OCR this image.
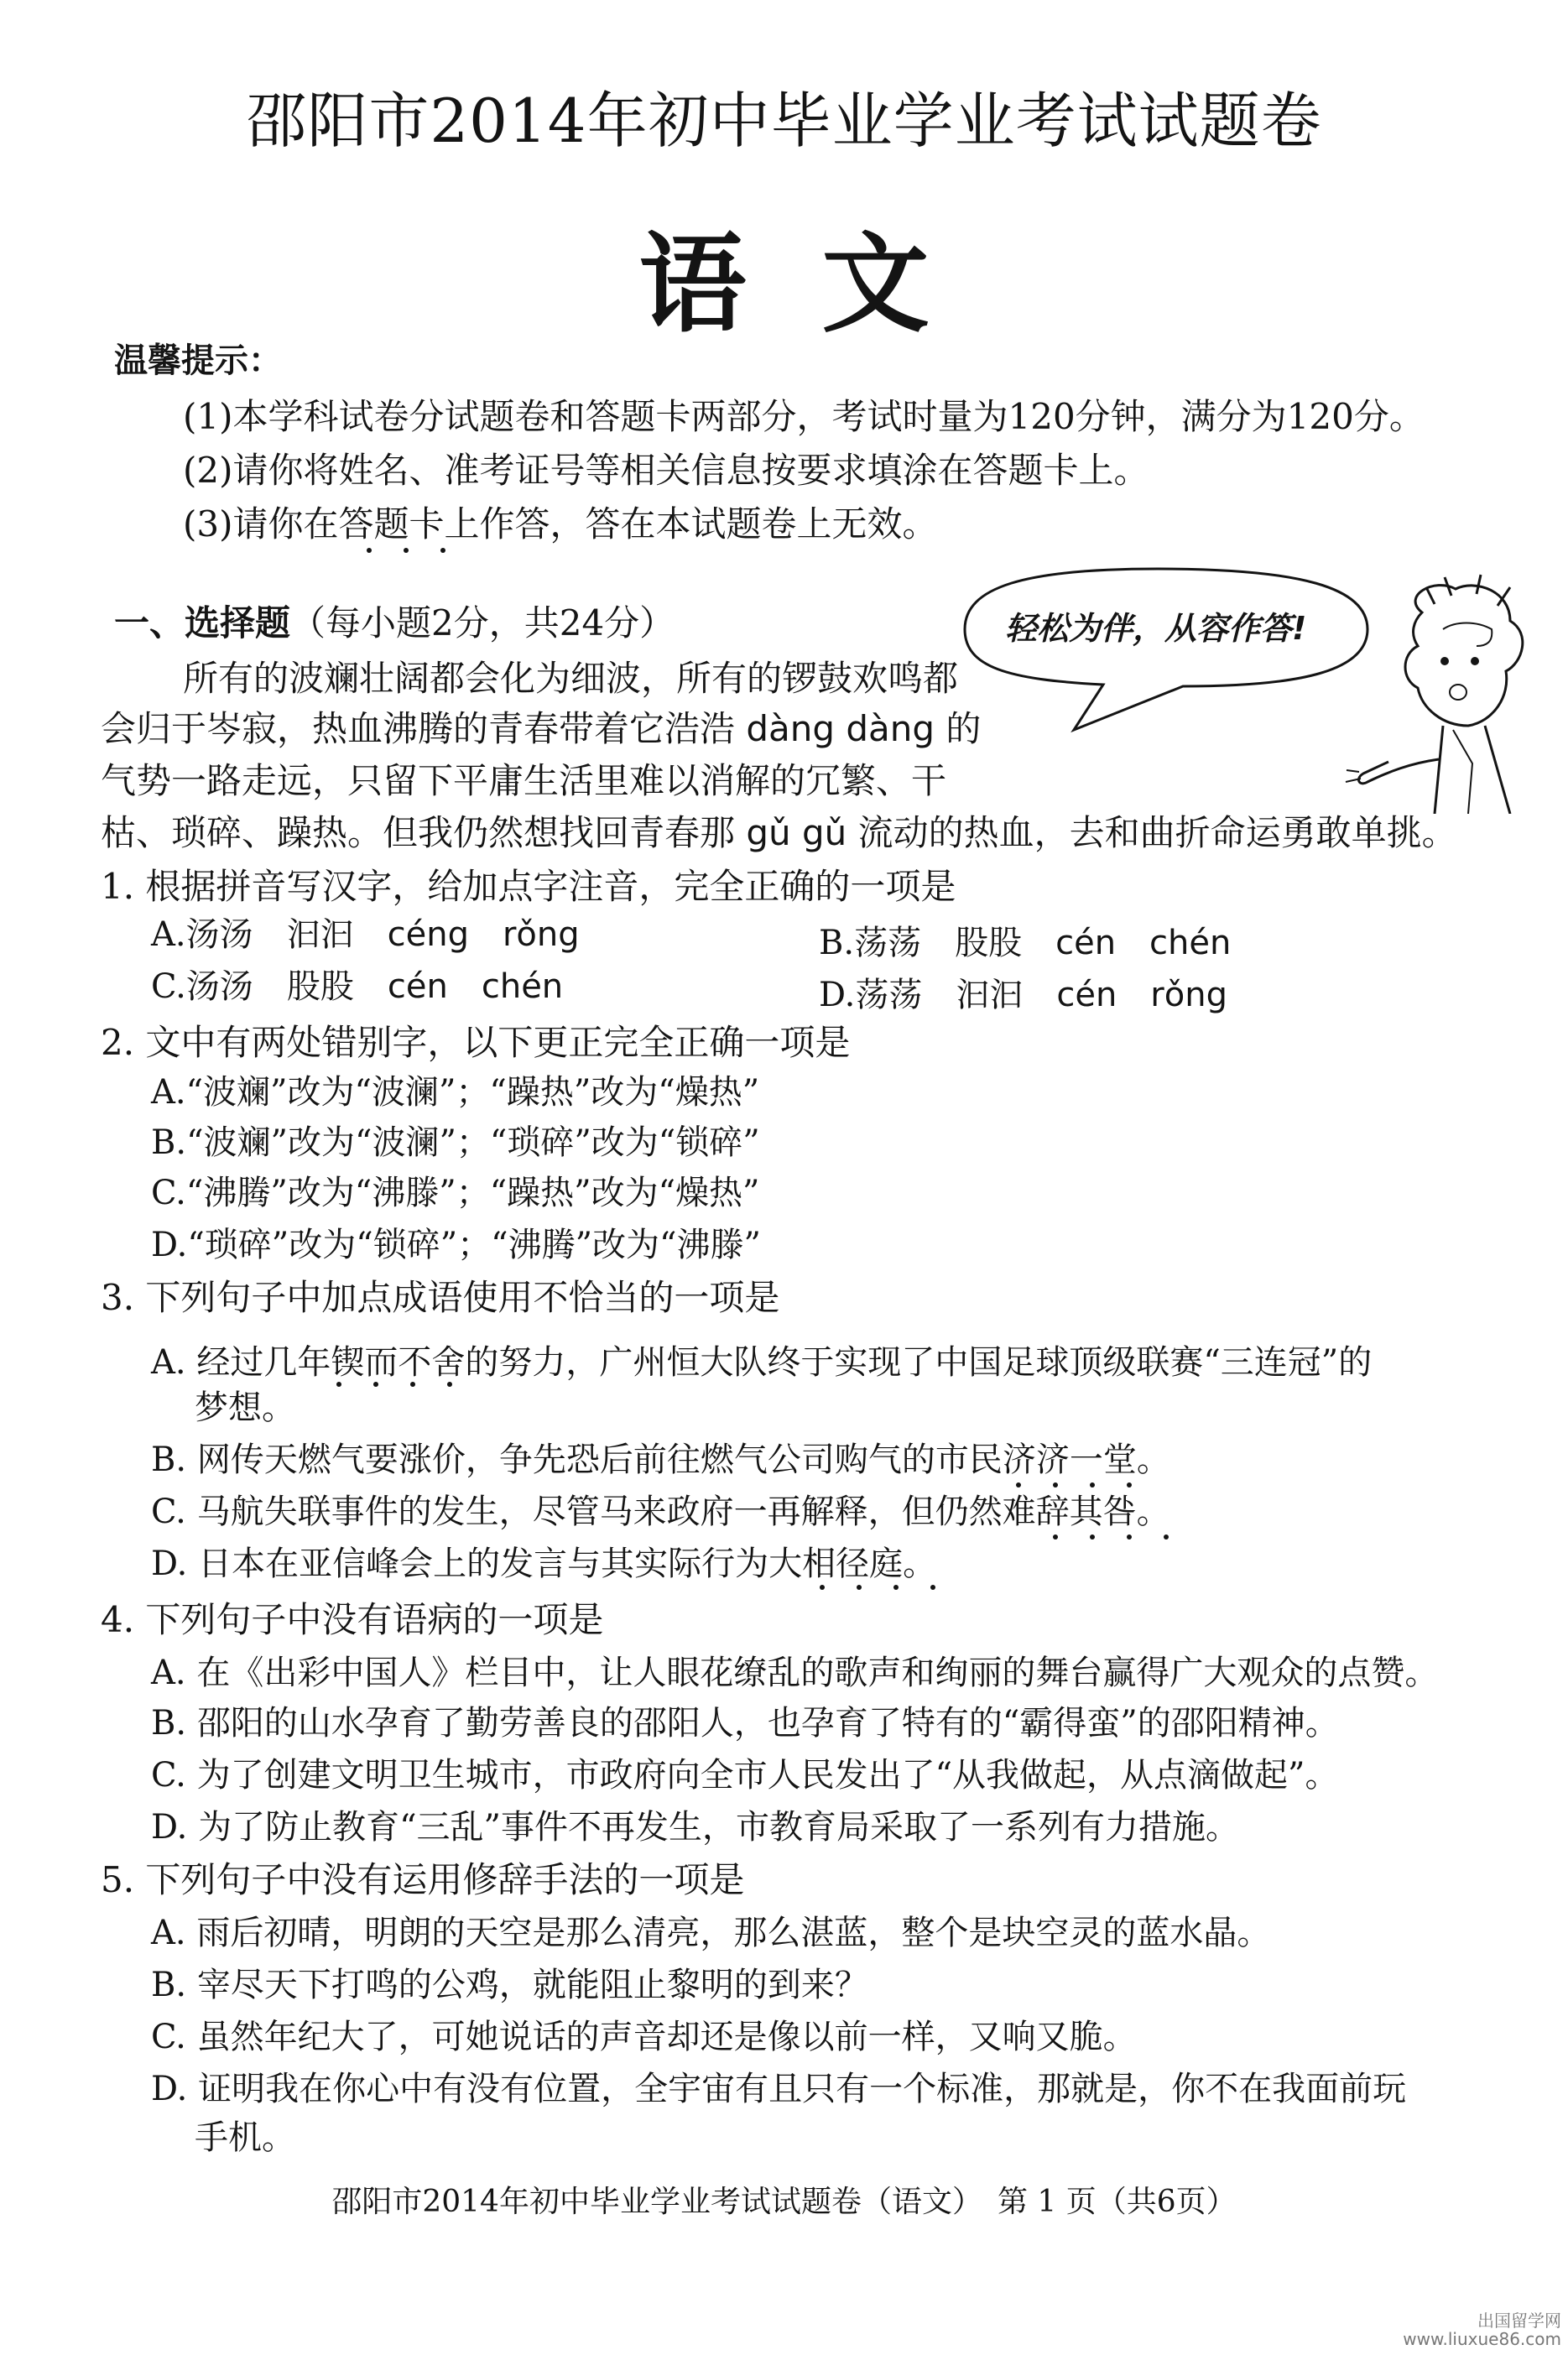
邵阳市2014年初中毕业学业考试试题卷
语文
温馨提示：
(1)本学科试卷分试题卷和答题卡两部分，考试时量为120分钟，满分为120分。
(2)请你将姓名、准考证号等相关信息按要求填涂在答题卡上。
(3)请你在答题卡上作答，答在本试题卷上无效。
一、选择题（每小题2分，共24分）	轻松为伴，从容作答!
所有的波斓壮阔都会化为细波，所有的锣鼓欢鸣都
会归于岑寂，热血沸腾的青春带着它浩浩 dàng dàng 的
气势一路走远，只留下平庸生活里难以消解的冗繁、干
枯、琐碎、躁热。但我仍然想找回青春那 gǔ gǔ 流动的热血，去和曲折命运勇敢单挑。
1. 根据拼音写汉字，给加点字注音，完全正确的一项是
A.汤汤　汩汩　 céng　rǒng	B.荡荡　股股　 cén　chén
C.汤汤　股股　 cén　chén	D.荡荡　汩汩　 cén　rǒng
2. 文中有两处错别字，以下更正完全正确一项是
A.“波斓”改为“波澜”；“躁热”改为“燥热”
B.“波斓”改为“波澜”；“琐碎”改为“锁碎”
C.“沸腾”改为“沸滕”；“躁热”改为“燥热”
D.“琐碎”改为“锁碎”；“沸腾”改为“沸滕”
3. 下列句子中加点成语使用不恰当的一项是
A. 经过几年锲而不舍的努力，广州恒大队终于实现了中国足球顶级联赛“三连冠”的
梦想。
B. 网传天燃气要涨价，争先恐后前往燃气公司购气的市民济济一堂。
C. 马航失联事件的发生，尽管马来政府一再解释，但仍然难辞其咎。
D. 日本在亚信峰会上的发言与其实际行为大相径庭。
4. 下列句子中没有语病的一项是
A. 在《出彩中国人》栏目中，让人眼花缭乱的歌声和绚丽的舞台赢得广大观众的点赞。
B. 邵阳的山水孕育了勤劳善良的邵阳人，也孕育了特有的“霸得蛮”的邵阳精神。
C. 为了创建文明卫生城市，市政府向全市人民发出了“从我做起，从点滴做起”。
D. 为了防止教育“三乱”事件不再发生，市教育局采取了一系列有力措施。
5. 下列句子中没有运用修辞手法的一项是
A. 雨后初晴，明朗的天空是那么清亮，那么湛蓝，整个是块空灵的蓝水晶。
B. 宰尽天下打鸣的公鸡，就能阻止黎明的到来？
C. 虽然年纪大了，可她说话的声音却还是像以前一样，又响又脆。
D. 证明我在你心中有没有位置，全宇宙有且只有一个标准，那就是，你不在我面前玩
手机。
邵阳市2014年初中毕业学业考试试题卷（语文）　第 1 页（共6页）
出国留学网
www.liuxue86.com
